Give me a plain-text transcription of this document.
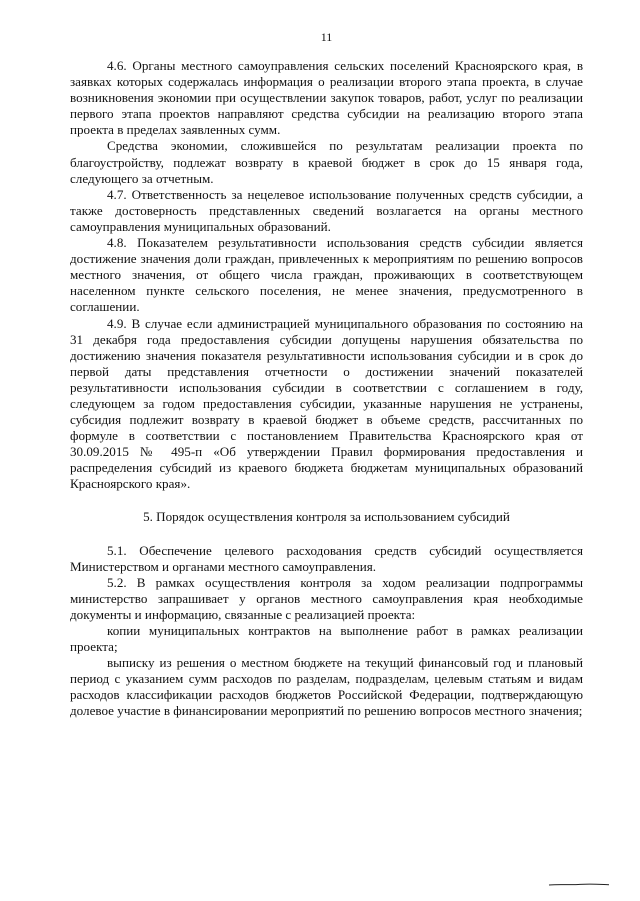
11

4.6. Органы местного самоуправления сельских поселений Красноярского края, в заявках которых содержалась информация о реализации второго этапа проекта, в случае возникновения экономии при осуществлении закупок товаров, работ, услуг по реализации первого этапа проектов направляют средства субсидии на реализацию второго этапа проекта в пределах заявленных сумм.

Средства экономии, сложившейся по результатам реализации проекта по благоустройству, подлежат возврату в краевой бюджет в срок до 15 января года, следующего за отчетным.

4.7. Ответственность за нецелевое использование полученных средств субсидии, а также достоверность представленных сведений возлагается на органы местного самоуправления муниципальных образований.

4.8. Показателем результативности использования средств субсидии является достижение значения доли граждан, привлеченных к мероприятиям по решению вопросов местного значения, от общего числа граждан, проживающих в соответствующем населенном пункте сельского поселения, не менее значения, предусмотренного в соглашении.

4.9. В случае если администрацией муниципального образования по состоянию на 31 декабря года предоставления субсидии допущены нарушения обязательства по достижению значения показателя результативности использования субсидии и в срок до первой даты представления отчетности о достижении значений показателей результативности использования субсидии в соответствии с соглашением в году, следующем за годом предоставления субсидии, указанные нарушения не устранены, субсидия подлежит возврату в краевой бюджет в объеме средств, рассчитанных по формуле в соответствии с постановлением Правительства Красноярского края от 30.09.2015 № 495-п «Об утверждении Правил формирования предоставления и распределения субсидий из краевого бюджета бюджетам муниципальных образований Красноярского края».

5. Порядок осуществления контроля за использованием субсидий

5.1. Обеспечение целевого расходования средств субсидий осуществляется Министерством и органами местного самоуправления.

5.2. В рамках осуществления контроля за ходом реализации подпрограммы министерство запрашивает у органов местного самоуправления края необходимые документы и информацию, связанные с реализацией проекта:

копии муниципальных контрактов на выполнение работ в рамках реализации проекта;

выписку из решения о местном бюджете на текущий финансовый год и плановый период с указанием сумм расходов по разделам, подразделам, целевым статьям и видам расходов классификации расходов бюджетов Российской Федерации, подтверждающую долевое участие в финансировании мероприятий по решению вопросов местного значения;
